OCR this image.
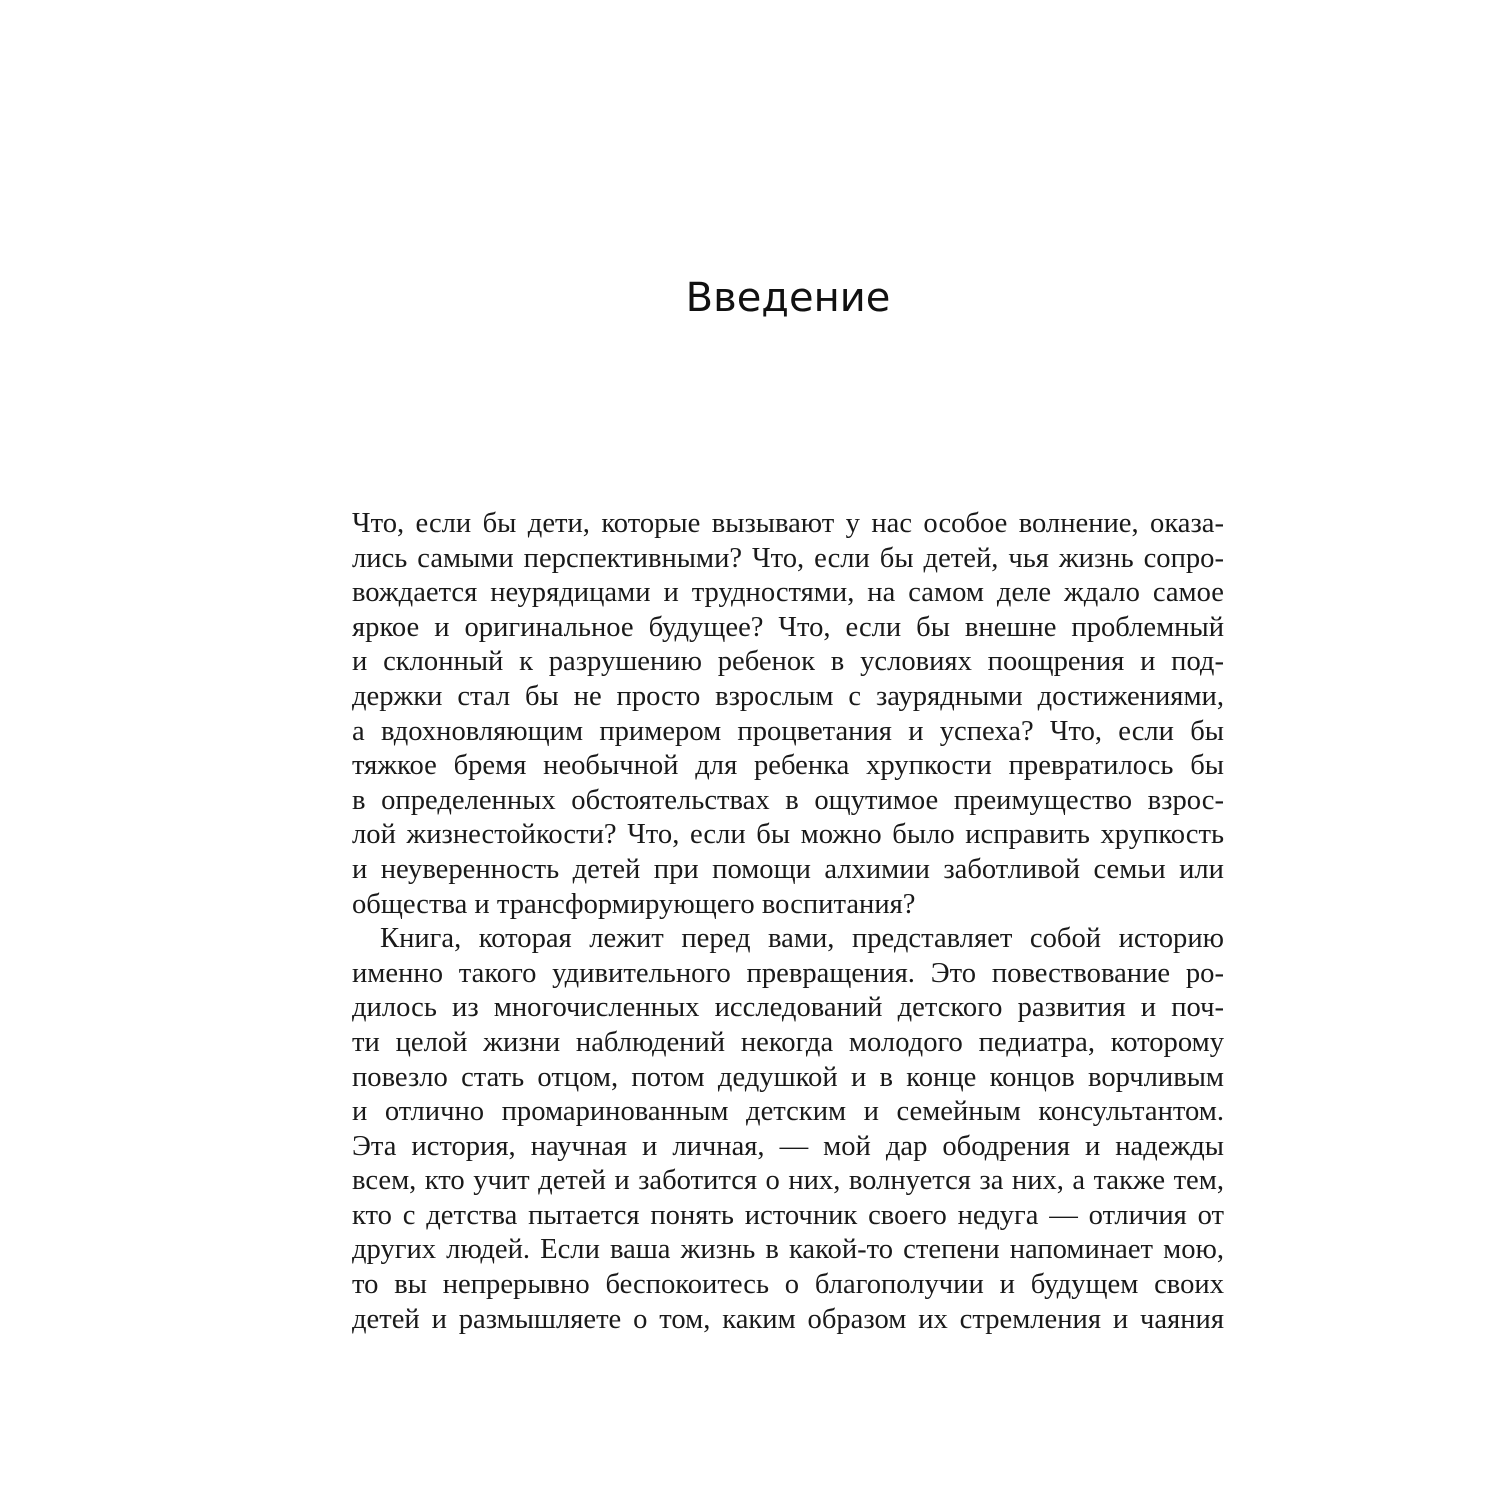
Введение

Что, если бы дети, которые вызывают у нас особое волнение, оказа-
лись самыми перспективными? Что, если бы детей, чья жизнь сопро-
вождается неурядицами и трудностями, на самом деле ждало самое
яркое и оригинальное будущее? Что, если бы внешне проблемный
и склонный к разрушению ребенок в условиях поощрения и под-
держки стал бы не просто взрослым с заурядными достижениями,
а вдохновляющим примером процветания и успеха? Что, если бы
тяжкое бремя необычной для ребенка хрупкости превратилось бы
в определенных обстоятельствах в ощутимое преимущество взрос-
лой жизнестойкости? Что, если бы можно было исправить хрупкость
и неуверенность детей при помощи алхимии заботливой семьи или
общества и трансформирующего воспитания?

Книга, которая лежит перед вами, представляет собой историю
именно такого удивительного превращения. Это повествование ро-
дилось из многочисленных исследований детского развития и поч-
ти целой жизни наблюдений некогда молодого педиатра, которому
повезло стать отцом, потом дедушкой и в конце концов ворчливым
и отлично промаринованным детским и семейным консультантом.
Эта история, научная и личная, — мой дар ободрения и надежды
всем, кто учит детей и заботится о них, волнуется за них, а также тем,
кто с детства пытается понять источник своего недуга — отличия от
других людей. Если ваша жизнь в какой-то степени напоминает мою,
то вы непрерывно беспокоитесь о благополучии и будущем своих
детей и размышляете о том, каким образом их стремления и чаяния
